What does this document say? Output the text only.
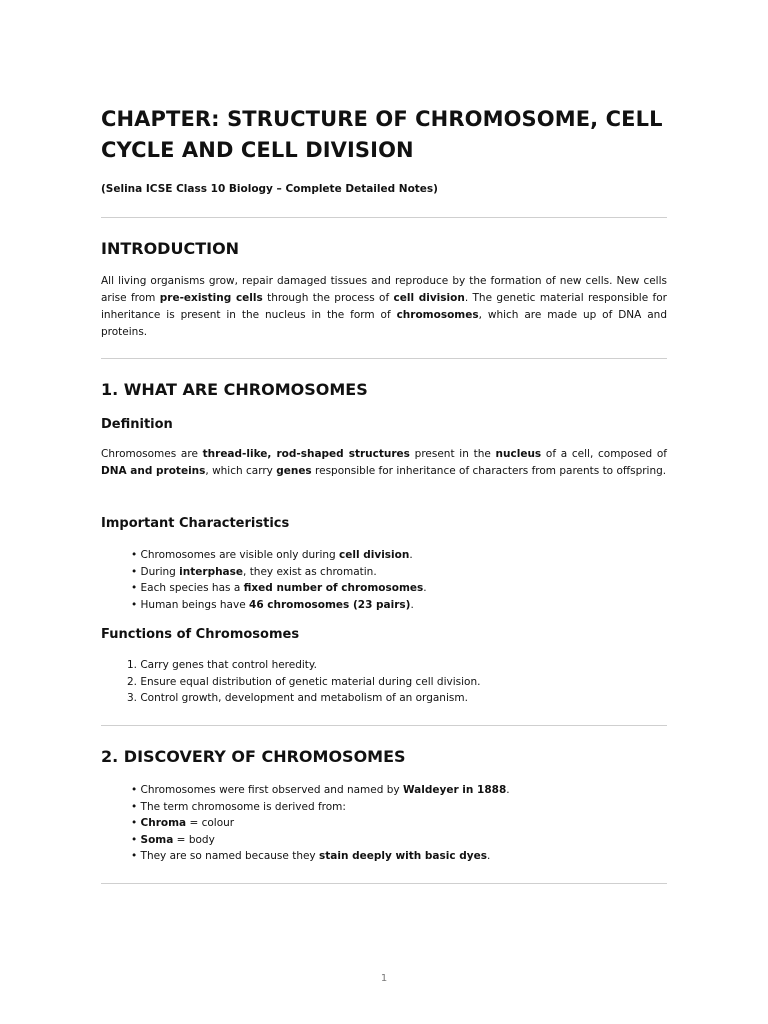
CHAPTER: STRUCTURE OF CHROMOSOME, CELL CYCLE AND CELL DIVISION
(Selina ICSE Class 10 Biology – Complete Detailed Notes)
INTRODUCTION

All living organisms grow, repair damaged tissues and reproduce by the formation of new cells. New cells arise from pre-existing cells through the process of cell division. The genetic material responsible for inheritance is present in the nucleus in the form of chromosomes, which are made up of DNA and proteins.

1. WHAT ARE CHROMOSOMES
Definition

Chromosomes are thread-like, rod-shaped structures present in the nucleus of a cell, composed of DNA and proteins, which carry genes responsible for inheritance of characters from parents to offspring.

Important Characteristics
• Chromosomes are visible only during cell division.
• During interphase, they exist as chromatin.
• Each species has a fixed number of chromosomes.
• Human beings have 46 chromosomes (23 pairs).
Functions of Chromosomes
1. Carry genes that control heredity.
2. Ensure equal distribution of genetic material during cell division.
3. Control growth, development and metabolism of an organism.
2. DISCOVERY OF CHROMOSOMES
• Chromosomes were first observed and named by Waldeyer in 1888.
• The term chromosome is derived from:
• Chroma = colour
• Soma = body
• They are so named because they stain deeply with basic dyes.
1
